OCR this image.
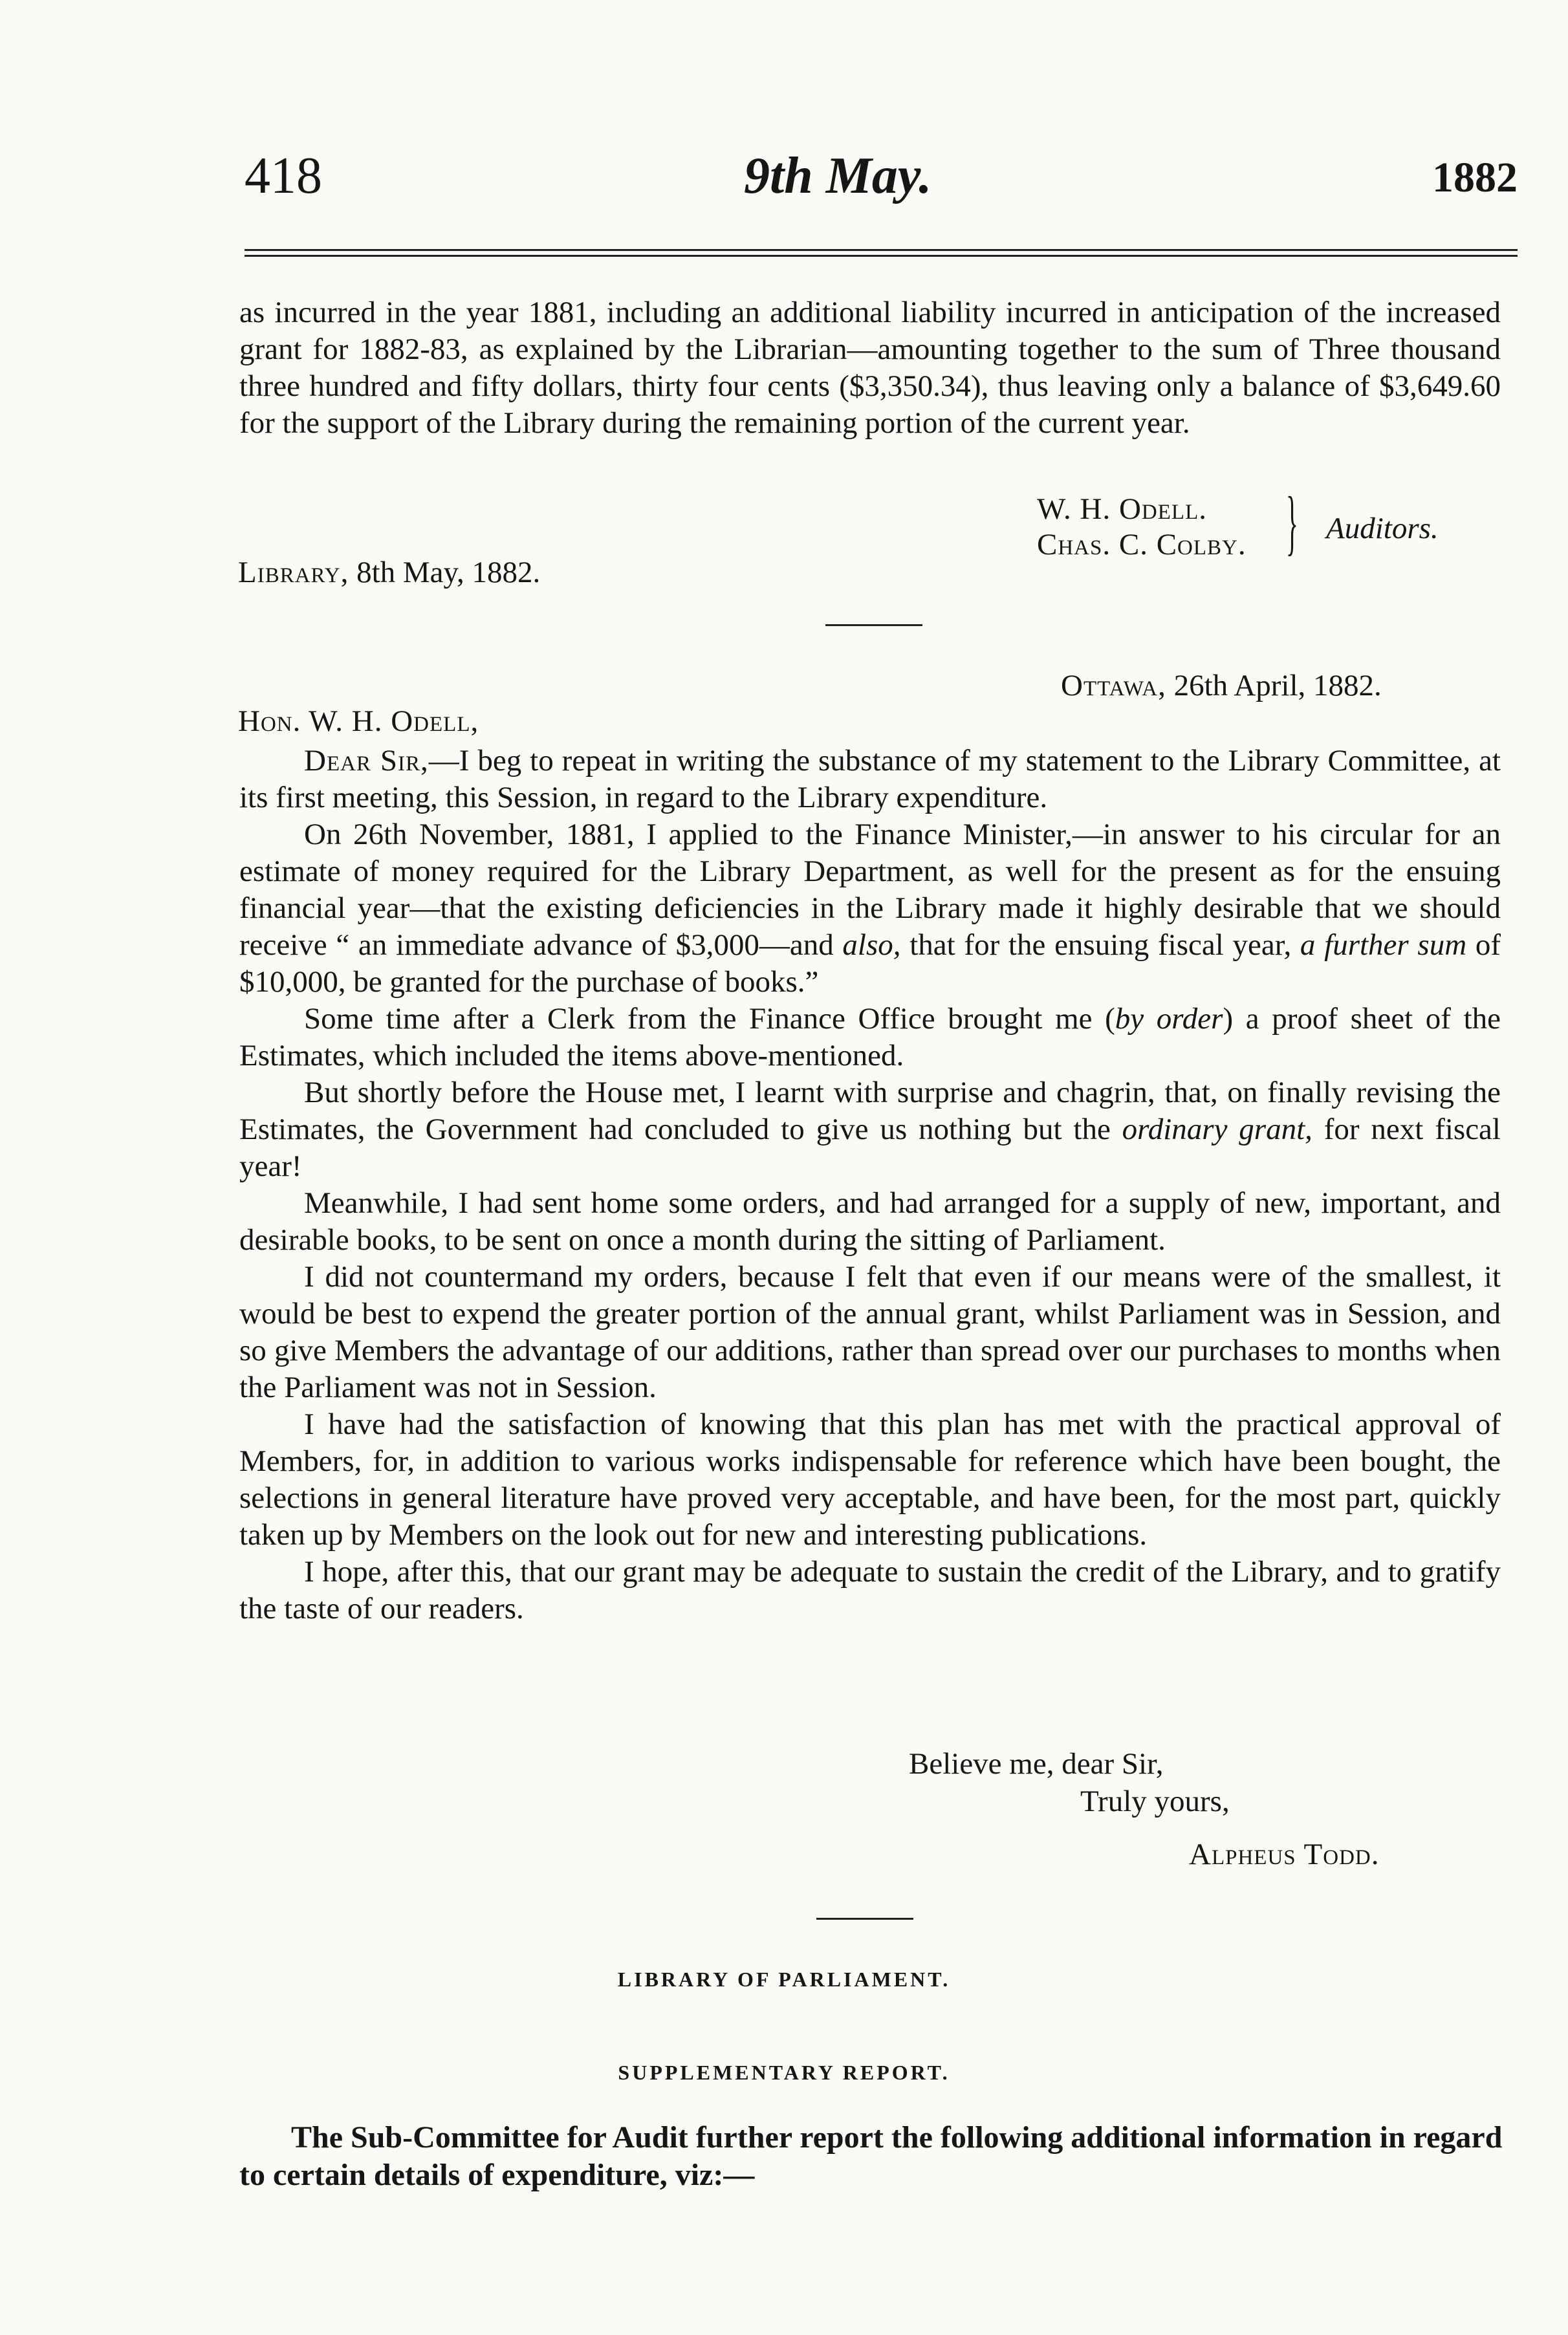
418	9th May.	1882

as incurred in the year 1881, including an additional liability incurred in anticipation of the increased grant for 1882-83, as explained by the Librarian—amounting together to the sum of Three thousand three hundred and fifty dollars, thirty four cents ($3,350.34), thus leaving only a balance of $3,649.60 for the support of the Library during the remaining portion of the current year.

W. H. Odell.
Chas. C. Colby. } Auditors.
Library, 8th May, 1882.
Ottawa, 26th April, 1882.
Hon. W. H. Odell,

Dear Sir,—I beg to repeat in writing the substance of my statement to the Library Committee, at its first meeting, this Session, in regard to the Library expenditure.

On 26th November, 1881, I applied to the Finance Minister,—in answer to his circular for an estimate of money required for the Library Department, as well for the present as for the ensuing financial year—that the existing deficiencies in the Library made it highly desirable that we should receive “ an immediate advance of $3,000—and also, that for the ensuing fiscal year, a further sum of $10,000, be granted for the purchase of books.”

Some time after a Clerk from the Finance Office brought me (by order) a proof sheet of the Estimates, which included the items above-mentioned.

But shortly before the House met, I learnt with surprise and chagrin, that, on finally revising the Estimates, the Government had concluded to give us nothing but the ordinary grant, for next fiscal year!

Meanwhile, I had sent home some orders, and had arranged for a supply of new, important, and desirable books, to be sent on once a month during the sitting of Parliament.

I did not countermand my orders, because I felt that even if our means were of the smallest, it would be best to expend the greater portion of the annual grant, whilst Parliament was in Session, and so give Members the advantage of our additions, rather than spread over our purchases to months when the Parliament was not in Session.

I have had the satisfaction of knowing that this plan has met with the practical approval of Members, for, in addition to various works indispensable for reference which have been bought, the selections in general literature have proved very acceptable, and have been, for the most part, quickly taken up by Members on the look out for new and interesting publications.

I hope, after this, that our grant may be adequate to sustain the credit of the Library, and to gratify the taste of our readers.

Believe me, dear Sir,
Truly yours,
Alpheus Todd.
LIBRARY OF PARLIAMENT.
SUPPLEMENTARY REPORT.
The Sub-Committee for Audit further report the following additional information in regard to certain details of expenditure, viz:—
